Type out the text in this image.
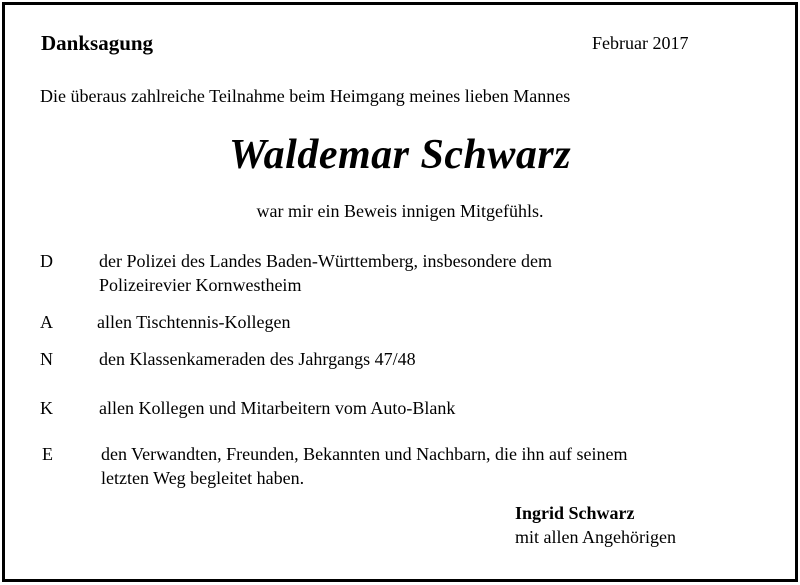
Danksagung	Februar 2017
Die überaus zahlreiche Teilnahme beim Heimgang meines lieben Mannes
Waldemar Schwarz
war mir ein Beweis innigen Mitgefühls.
D	der Polizei des Landes Baden-Württemberg, insbesondere dem
Polizeirevier Kornwestheim
A allen Tischtennis-Kollegen
N	den Klassenkameraden des Jahrgangs 47/48
K	allen Kollegen und Mitarbeitern vom Auto-Blank
E	den Verwandten, Freunden, Bekannten und Nachbarn, die ihn auf seinem
letzten Weg begleitet haben.
Ingrid Schwarz
mit allen Angehörigen
